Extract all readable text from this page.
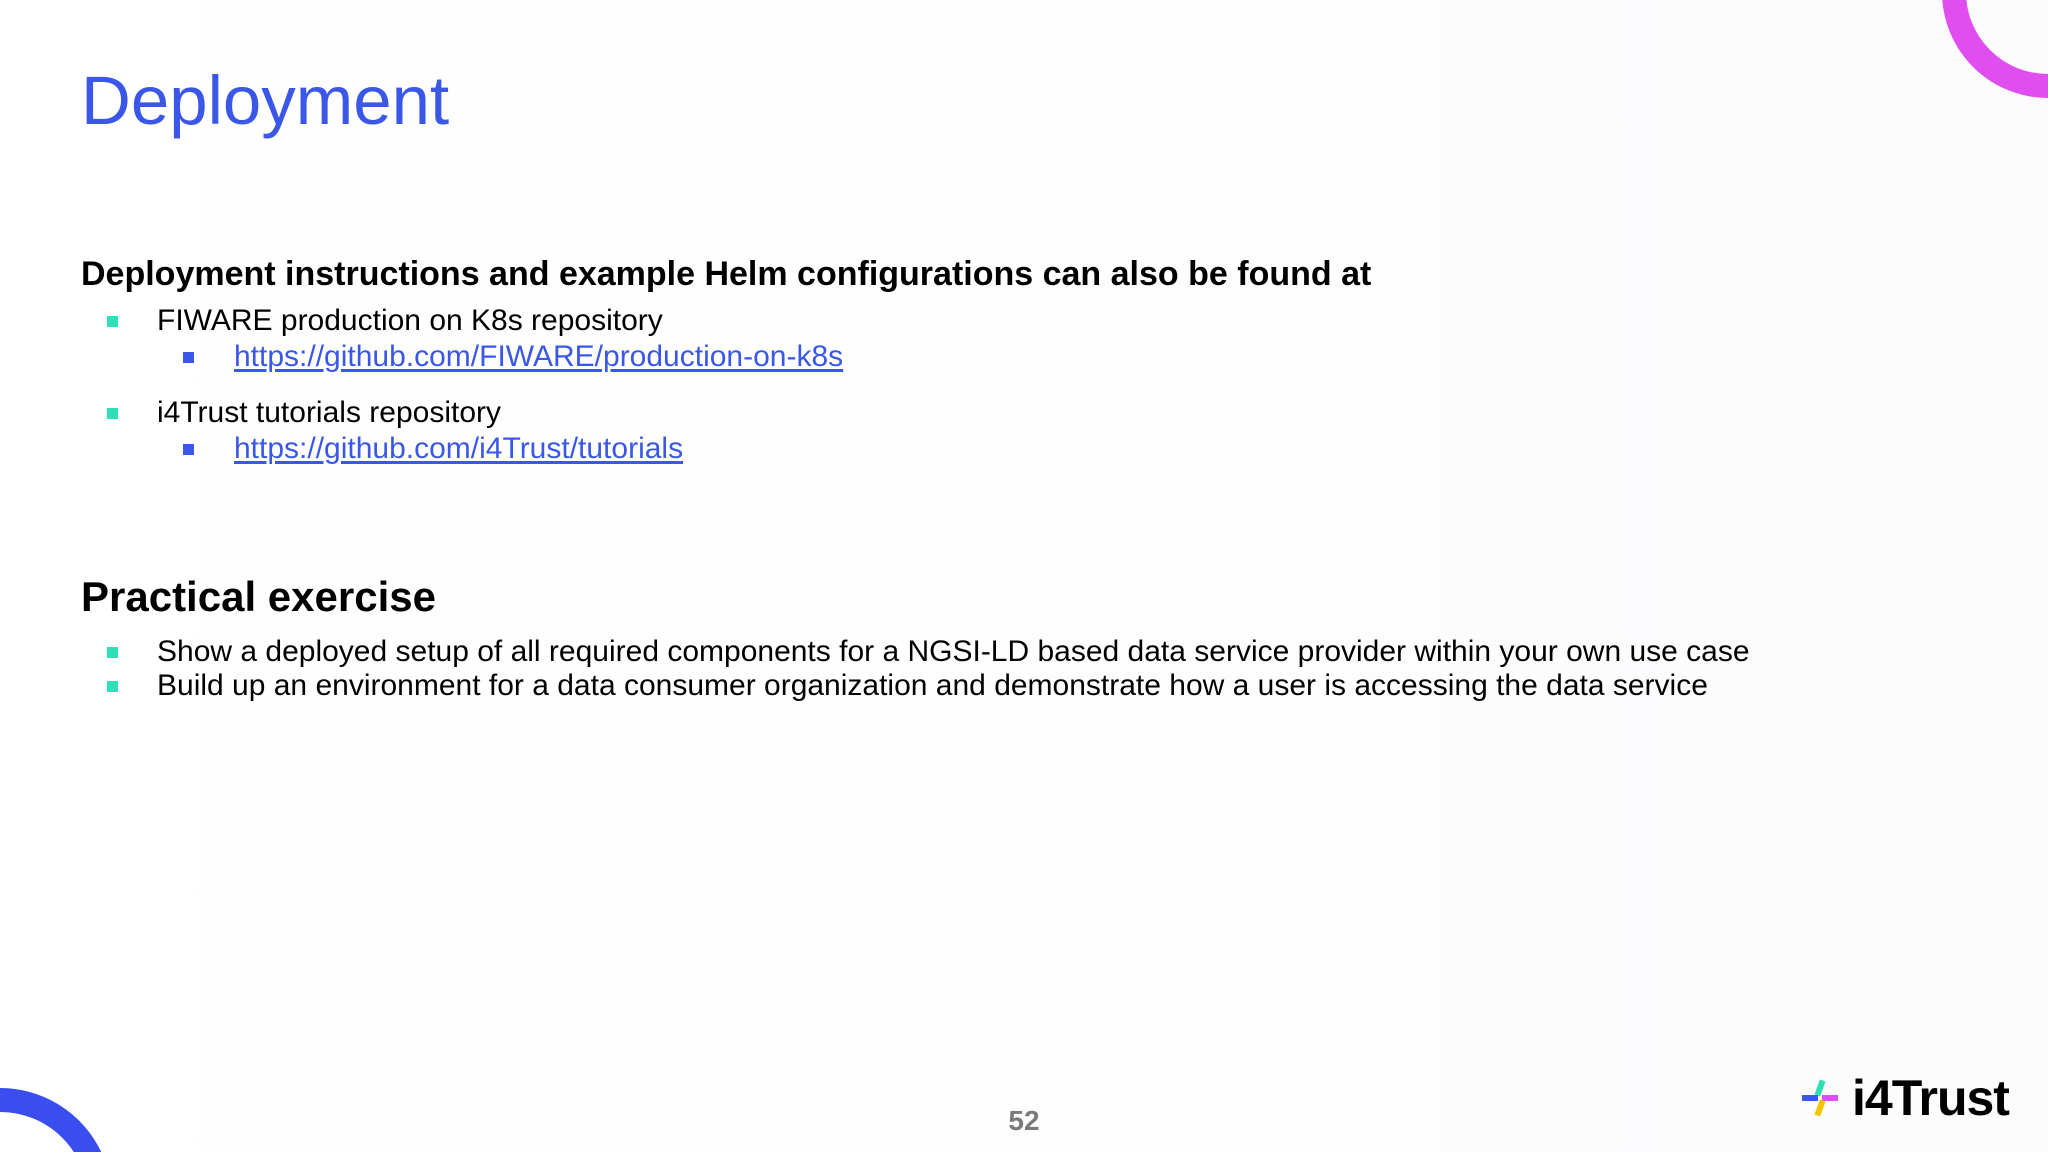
Deployment
Deployment instructions and example Helm configurations can also be found at
FIWARE production on K8s repository
https://github.com/FIWARE/production-on-k8s
i4Trust tutorials repository
https://github.com/i4Trust/tutorials
Practical exercise
Show a deployed setup of all required components for a NGSI-LD based data service provider within your own use case
Build up an environment for a data consumer organization and demonstrate how a user is accessing the data service
52	i4Trust
